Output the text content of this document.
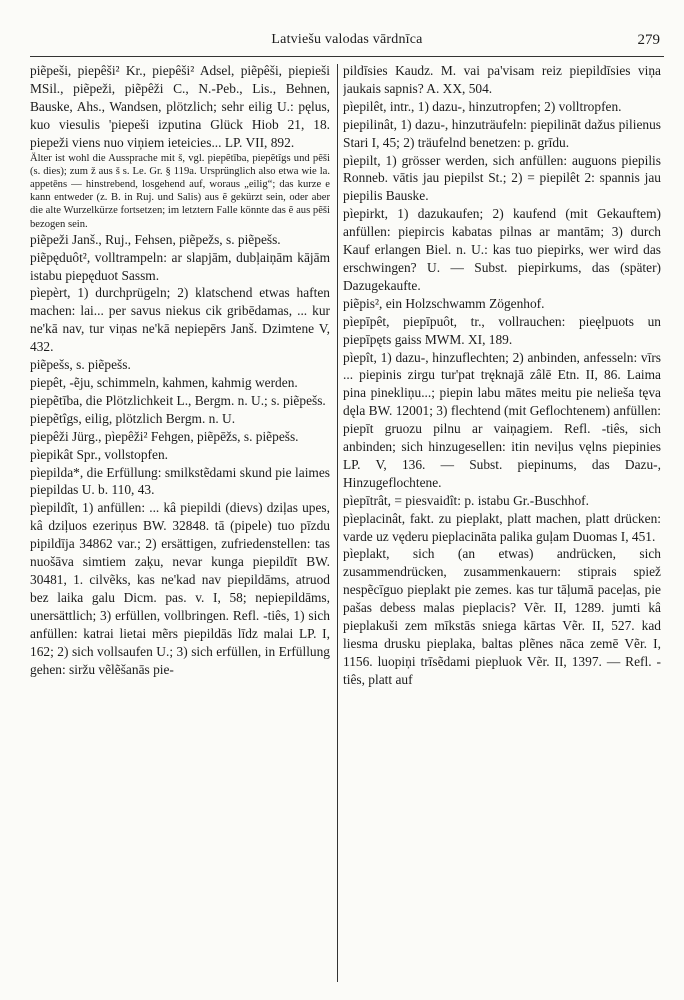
Latviešu valodas vārdnīca	279

piẽpeši, piepêši² Kr., piepêši² Adsel, piẽpêši, piepieši MSil., piẽpeži, piẽpêži C., N.-Peb., Lis., Behnen, Bauske, Ahs., Wandsen, plötzlich; sehr eilig U.: pęlus, kuo viesulis 'piepeši izputina Glück Hiob 21, 18. piepeži viens nuo viņiem ieteicies... LP. VII, 892.

Älter ist wohl die Aussprache mit š, vgl. piepẽtība, piepẽtîgs und pẽši (s. dies); zum ž aus š s. Le. Gr. § 119a. Ursprünglich also etwa wie la. appetēns — hinstrebend, losgehend auf, woraus „eilig“; das kurze e kann entweder (z. B. in Ruj. und Salis) aus ẽ gekürzt sein, oder aber die alte Wurzelkürze fortsetzen; im letztern Falle könnte das ẽ aus pẽši bezogen sein.

piẽpeži Janš., Ruj., Fehsen, piẽpežs, s. piẽpešs.

piẽpęduôt², volltrampeln: ar slapjām, dubļaiņām kājām istabu piepęduot Sassm.

pìepèrt, 1) durchprügeln; 2) klatschend etwas haften machen: lai... per savus niekus cik gribēdamas, ... kur ne'kā nav, tur viņas ne'kā nepiepērs Janš. Dzimtene V, 432.

piẽpešs, s. piẽpešs.

piepêt, -ẽju, schimmeln, kahmen, kahmig werden.

piepẽtība, die Plötzlichkeit L., Bergm. n. U.; s. piẽpešs.

piepẽtîgs, eilig, plötzlich Bergm. n. U.

piepêži Jürg., pìepêži² Fehgen, piẽpēžs, s. piẽpešs.

pìepikât Spr., vollstopfen.

pìepilda*, die Erfüllung: smilkstẽdami skund pie laimes piepildas U. b. 110, 43.

pìepildît, 1) anfüllen: ... kâ piepildi (dievs) dziļas upes, kâ dziļuos ezeriņus BW. 32848. tā (pipele) tuo pīzdu pipildīja 34862 var.; 2) ersättigen, zufriedenstellen: tas nuošāva simtiem zaķu, nevar kunga piepildīt BW. 30481, 1. cilvẽks, kas ne'kad nav piepildāms, atruod bez laika galu Dicm. pas. v. I, 58; nepiepildāms, unersättlich; 3) erfüllen, vollbringen. Refl. -tiês, 1) sich anfüllen: katrai lietai mẽrs piepildās līdz malai LP. I, 162; 2) sich vollsaufen U.; 3) sich erfüllen, in Erfüllung gehen: siržu vẽlẽšanās pie-

pildīsies Kaudz. M. vai pa'visam reiz piepildīsies viņa jaukais sapnis? A. XX, 504.

pìepilêt, intr., 1) dazu-, hinzutropfen; 2) volltropfen.

piepilinât, 1) dazu-, hinzuträufeln: piepilināt dažus pilienus Stari I, 45; 2) träufelnd benetzen: p. grīdu.

pìepilt, 1) grösser werden, sich anfüllen: auguons piepilis Ronneb. vātis jau piepilst St.; 2) = piepilêt 2: spannis jau piepilis Bauske.

pìepirkt, 1) dazukaufen; 2) kaufend (mit Gekauftem) anfüllen: piepircis kabatas pilnas ar mantām; 3) durch Kauf erlangen Biel. n. U.: kas tuo piepirks, wer wird das erschwingen? U. — Subst. piepirkums, das (später) Dazugekaufte.

piẽpis², ein Holzschwamm Zögenhof.

pìepīpêt, piepīpuôt, tr., vollrauchen: pieęlpuots un piepīpęts gaiss MWM. XI, 189.

pìepît, 1) dazu-, hinzuflechten; 2) anbinden, anfesseln: vīrs ... piepinis zirgu tur'pat tręknajā zâlē Etn. II, 86. Laima pina pinekliņu...; piepin labu mātes meitu pie nelieša tęva dęla BW. 12001; 3) flechtend (mit Geflochtenem) anfüllen: piepīt gruozu pilnu ar vaiņagiem. Refl. -tiês, sich anbinden; sich hinzugesellen: itin neviļus vęlns piepinies LP. V, 136. — Subst. piepinums, das Dazu-, Hinzugeflochtene.

pìepītrât, = piesvaidît: p. istabu Gr.-Buschhof.

pìeplacinât, fakt. zu pieplakt, platt machen, platt drücken: varde uz vęderu pieplacināta palika guļam Duomas I, 451.

pìeplakt, sich (an etwas) andrücken, sich zusammendrücken, zusammenkauern: stiprais spiež nespẽcīguo pieplakt pie zemes. kas tur tāļumā paceļas, pie pašas debess malas pieplacis? Vẽr. II, 1289. jumti kâ pieplakuši zem mīkstās sniega kārtas Vẽr. II, 527. kad liesma drusku pieplaka, baltas plẽnes nāca zemē Vẽr. I, 1156. luopiņi trīsẽdami piepluok Vẽr. II, 1397. — Refl. -tiês, platt auf
